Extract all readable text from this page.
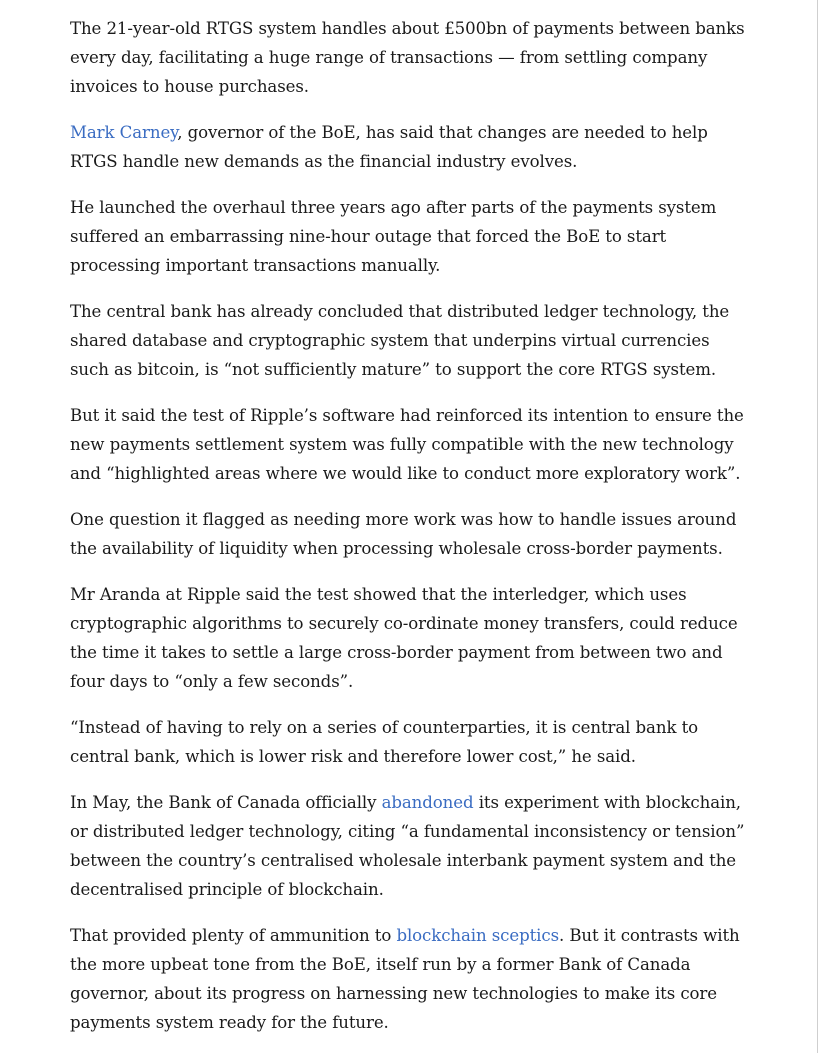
The 21-year-old RTGS system handles about £500bn of payments between banks every day, facilitating a huge range of transactions — from settling company invoices to house purchases.

Mark Carney, governor of the BoE, has said that changes are needed to help RTGS handle new demands as the financial industry evolves.

He launched the overhaul three years ago after parts of the payments system suffered an embarrassing nine-hour outage that forced the BoE to start processing important transactions manually.

The central bank has already concluded that distributed ledger technology, the shared database and cryptographic system that underpins virtual currencies such as bitcoin, is “not sufficiently mature” to support the core RTGS system.

But it said the test of Ripple’s software had reinforced its intention to ensure the new payments settlement system was fully compatible with the new technology and “highlighted areas where we would like to conduct more exploratory work”.

One question it flagged as needing more work was how to handle issues around the availability of liquidity when processing wholesale cross-border payments.

Mr Aranda at Ripple said the test showed that the interledger, which uses cryptographic algorithms to securely co-ordinate money transfers, could reduce the time it takes to settle a large cross-border payment from between two and four days to “only a few seconds”.

“Instead of having to rely on a series of counterparties, it is central bank to central bank, which is lower risk and therefore lower cost,” he said.

In May, the Bank of Canada officially abandoned its experiment with blockchain, or distributed ledger technology, citing “a fundamental inconsistency or tension” between the country’s centralised wholesale interbank payment system and the decentralised principle of blockchain.

That provided plenty of ammunition to blockchain sceptics. But it contrasts with the more upbeat tone from the BoE, itself run by a former Bank of Canada governor, about its progress on harnessing new technologies to make its core payments system ready for the future.
